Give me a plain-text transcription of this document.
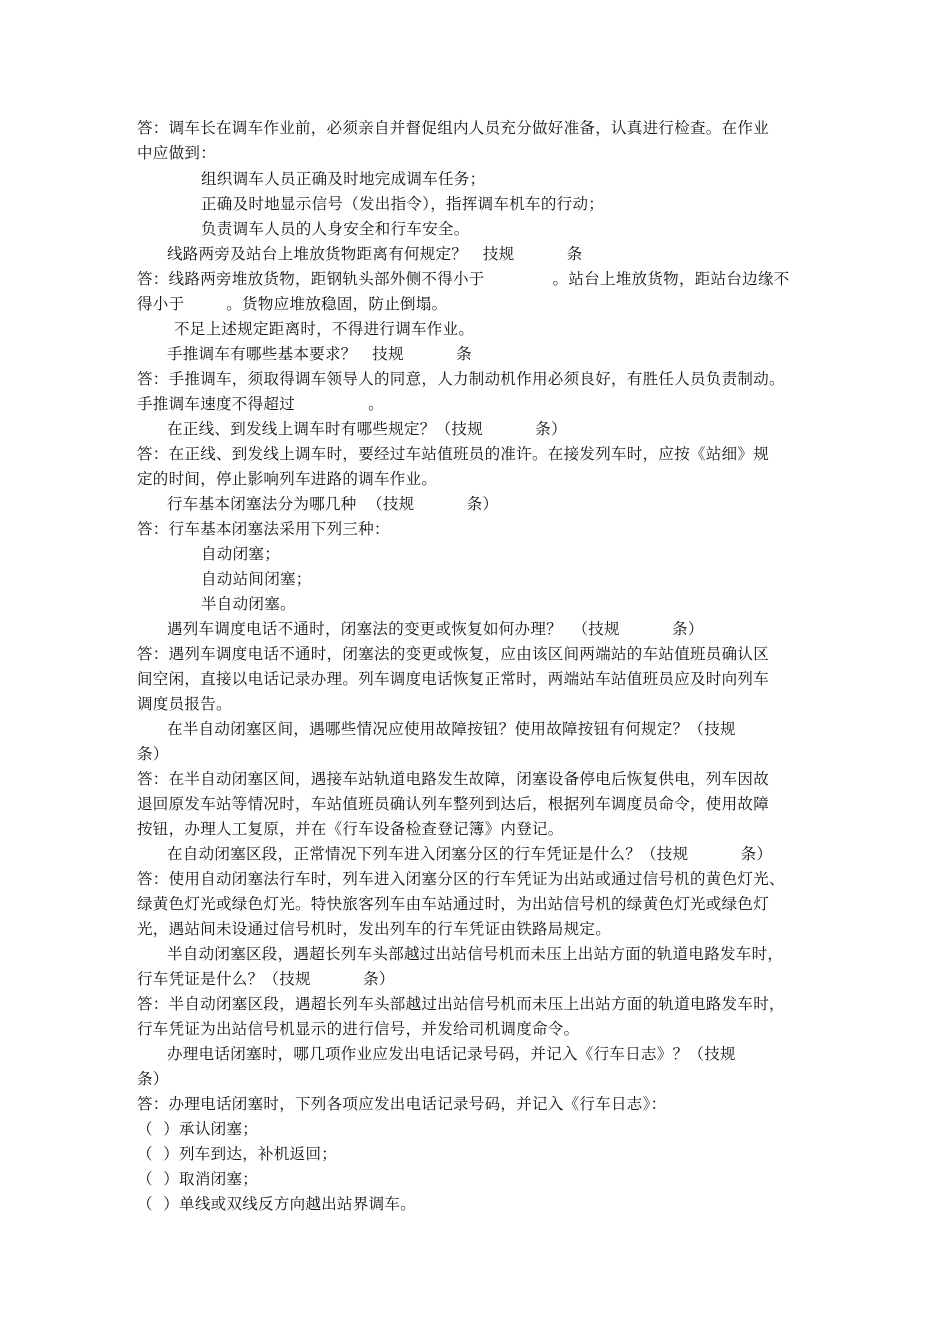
答：调车长在调车作业前，必须亲自并督促组内人员充分做好准备，认真进行检查。在作业
中应做到：
组织调车人员正确及时地完成调车任务；
正确及时地显示信号（发出指令），指挥调车机车的行动；
负责调车人员的人身安全和行车安全。
线路两旁及站台上堆放货物距离有何规定？   技规          条
答：线路两旁堆放货物，距钢轨头部外侧不得小于             。站台上堆放货物，距站台边缘不
得小于        。货物应堆放稳固，防止倒塌。
不足上述规定距离时，不得进行调车作业。
手推调车有哪些基本要求？   技规          条
答：手推调车，须取得调车领导人的同意，人力制动机作用必须良好，有胜任人员负责制动。
手推调车速度不得超过              。
在正线、到发线上调车时有哪些规定？（技规          条）
答：在正线、到发线上调车时，要经过车站值班员的准许。在接发列车时，应按《站细》规
定的时间，停止影响列车进路的调车作业。
行车基本闭塞法分为哪几种  （技规          条）
答：行车基本闭塞法采用下列三种：
自动闭塞；
自动站间闭塞；
半自动闭塞。
遇列车调度电话不通时，闭塞法的变更或恢复如何办理？  （技规          条）
答：遇列车调度电话不通时，闭塞法的变更或恢复，应由该区间两端站的车站值班员确认区
间空闲，直接以电话记录办理。列车调度电话恢复正常时，两端站车站值班员应及时向列车
调度员报告。
在半自动闭塞区间，遇哪些情况应使用故障按钮？使用故障按钮有何规定？（技规
条）
答：在半自动闭塞区间，遇接车站轨道电路发生故障，闭塞设备停电后恢复供电，列车因故
退回原发车站等情况时，车站值班员确认列车整列到达后，根据列车调度员命令，使用故障
按钮，办理人工复原，并在《行车设备检查登记簿》内登记。
在自动闭塞区段，正常情况下列车进入闭塞分区的行车凭证是什么？（技规          条）
答：使用自动闭塞法行车时，列车进入闭塞分区的行车凭证为出站或通过信号机的黄色灯光、
绿黄色灯光或绿色灯光。特快旅客列车由车站通过时，为出站信号机的绿黄色灯光或绿色灯
光，遇站间未设通过信号机时，发出列车的行车凭证由铁路局规定。
半自动闭塞区段，遇超长列车头部越过出站信号机而未压上出站方面的轨道电路发车时，
行车凭证是什么？（技规          条）
答：半自动闭塞区段，遇超长列车头部越过出站信号机而未压上出站方面的轨道电路发车时，
行车凭证为出站信号机显示的进行信号，并发给司机调度命令。
办理电话闭塞时，哪几项作业应发出电话记录号码，并记入《行车日志》？（技规
条）
答：办理电话闭塞时，下列各项应发出电话记录号码，并记入《行车日志》：
（  ）承认闭塞；
（  ）列车到达，补机返回；
（  ）取消闭塞；
（  ）单线或双线反方向越出站界调车。
